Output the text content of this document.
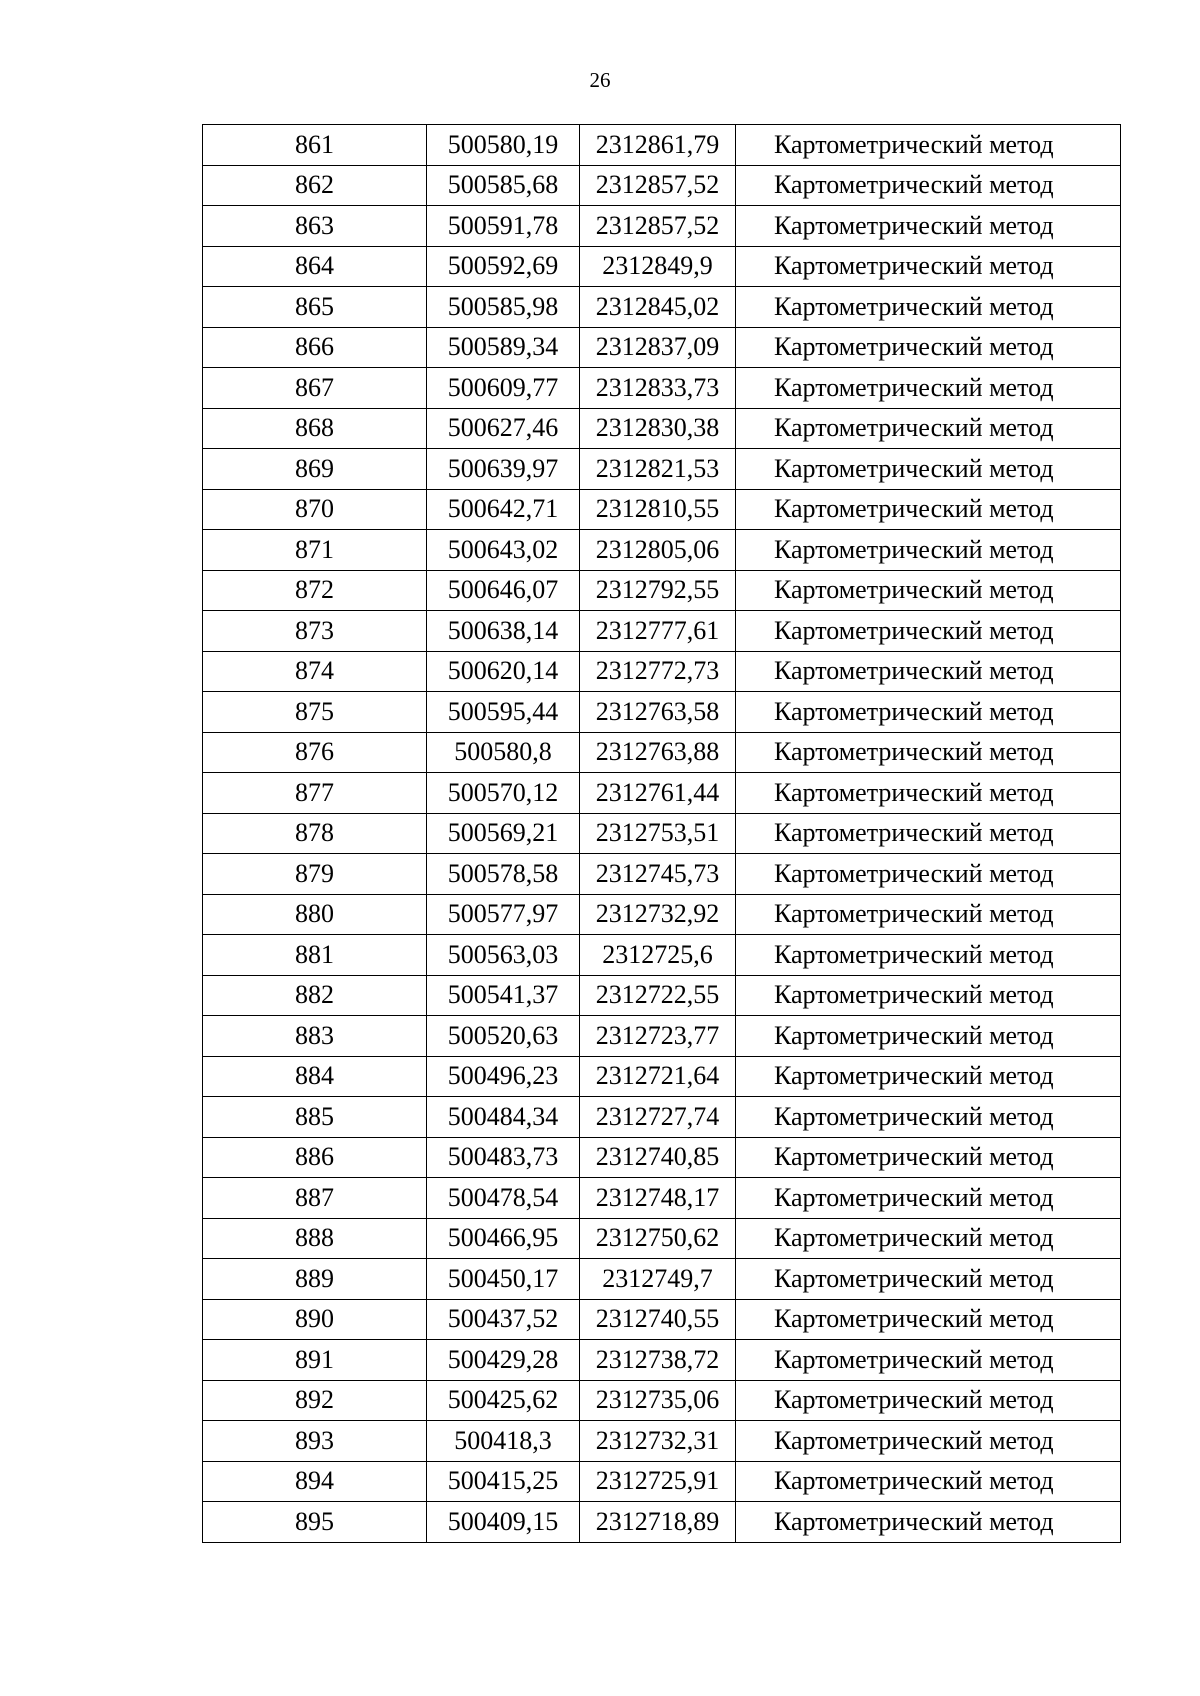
26
861	500580,19	2312861,79	Картометрический метод
862	500585,68	2312857,52	Картометрический метод
863	500591,78	2312857,52	Картометрический метод
864	500592,69	2312849,9	Картометрический метод
865	500585,98	2312845,02	Картометрический метод
866	500589,34	2312837,09	Картометрический метод
867	500609,77	2312833,73	Картометрический метод
868	500627,46	2312830,38	Картометрический метод
869	500639,97	2312821,53	Картометрический метод
870	500642,71	2312810,55	Картометрический метод
871	500643,02	2312805,06	Картометрический метод
872	500646,07	2312792,55	Картометрический метод
873	500638,14	2312777,61	Картометрический метод
874	500620,14	2312772,73	Картометрический метод
875	500595,44	2312763,58	Картометрический метод
876	500580,8	2312763,88	Картометрический метод
877	500570,12	2312761,44	Картометрический метод
878	500569,21	2312753,51	Картометрический метод
879	500578,58	2312745,73	Картометрический метод
880	500577,97	2312732,92	Картометрический метод
881	500563,03	2312725,6	Картометрический метод
882	500541,37	2312722,55	Картометрический метод
883	500520,63	2312723,77	Картометрический метод
884	500496,23	2312721,64	Картометрический метод
885	500484,34	2312727,74	Картометрический метод
886	500483,73	2312740,85	Картометрический метод
887	500478,54	2312748,17	Картометрический метод
888	500466,95	2312750,62	Картометрический метод
889	500450,17	2312749,7	Картометрический метод
890	500437,52	2312740,55	Картометрический метод
891	500429,28	2312738,72	Картометрический метод
892	500425,62	2312735,06	Картометрический метод
893	500418,3	2312732,31	Картометрический метод
894	500415,25	2312725,91	Картометрический метод
895	500409,15	2312718,89	Картометрический метод
